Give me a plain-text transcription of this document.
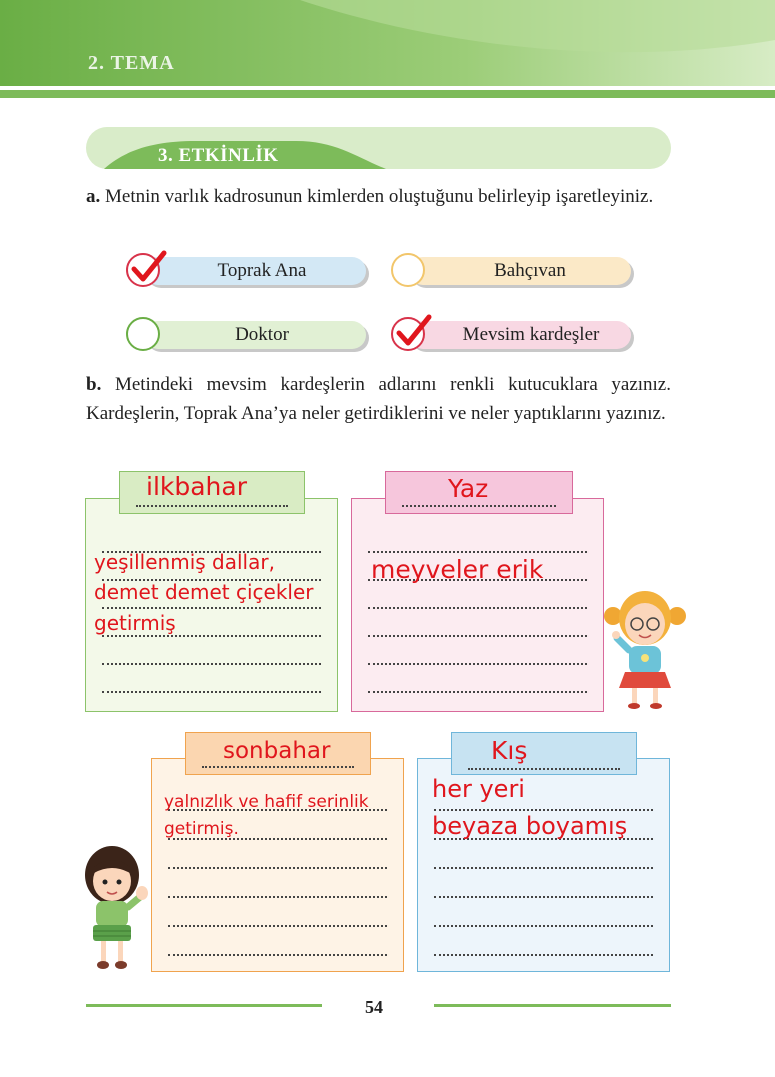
2. TEMA
3. ETKİNLİK
a. Metnin varlık kadrosunun kimlerden oluştuğunu belirleyip işaretleyiniz.
Toprak Ana	Bahçıvan
Doktor	Mevsim kardeşler
b. Metindeki mevsim kardeşlerin adlarını renkli kutucuklara yazınız. Kardeşlerin, Toprak Ana’ya neler getirdiklerini ve neler yaptıklarını yazınız.
ilkbahar
yeşillenmiş dallar,
demet demet çiçekler
getirmiş
Yaz
meyveler erik
sonbahar
yalnızlık ve hafif serinlik
getirmiş.
Kış
her yeri
beyaza boyamış
54
